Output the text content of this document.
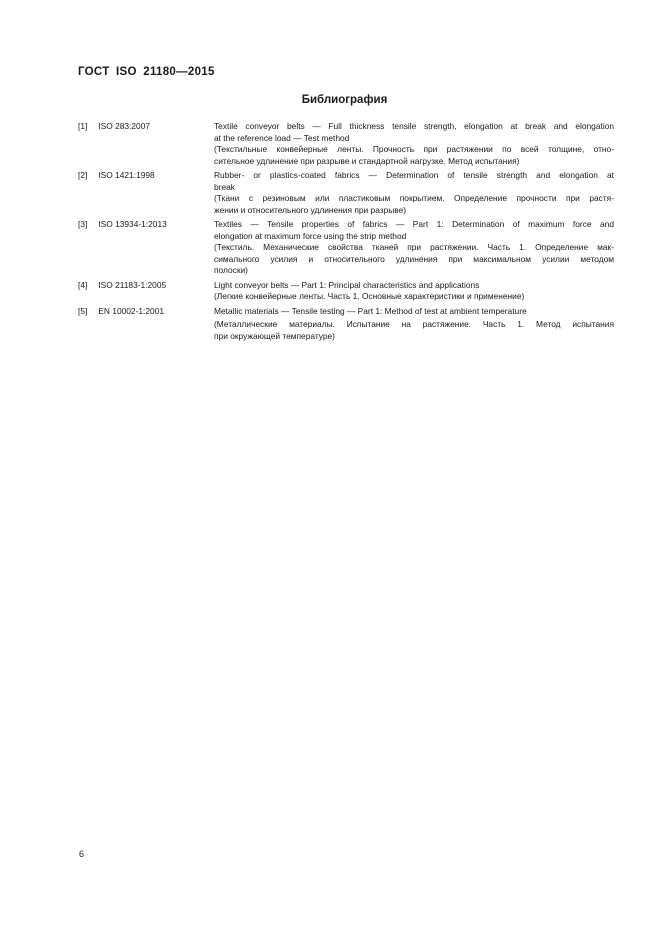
ГОСТ ISO 21180—2015
Библиография
[1] ISO 283:2007	Textile conveyor belts — Full thickness tensile strength, elongation at break and elongation
at the reference load — Test method
(Текстильные конвейерные ленты. Прочность при растяжении по всей толщине, отно-
сительное удлинение при разрыве и стандартной нагрузке. Метод испытания)
[2] ISO 1421:1998	Rubber- or plastics-coated fabrics — Determination of tensile strength and elongation at
break
(Ткани с резиновым или пластиковым покрытием. Определение прочности при растя-
жении и относительного удлинения при разрыве)
[3] ISO 13934-1:2013	Textiles — Tensile properties of fabrics — Part 1: Determination of maximum force and
elongation at maximum force using the strip method
(Текстиль. Механические свойства тканей при растяжении. Часть 1. Определение мак-
симального усилия и относительного удлинения при максимальном усилии методом
полоски)
[4] ISO 21183-1:2005	Light conveyor belts — Part 1: Principal characteristics and applications
(Легкие конвейерные ленты. Часть 1. Основные характеристики и применение)
[5] EN 10002-1:2001	Metallic materials — Tensile testing — Part 1: Method of test at ambient temperature
(Металлические материалы. Испытание на растяжение. Часть 1. Метод испытания
при окружающей температуре)
6
